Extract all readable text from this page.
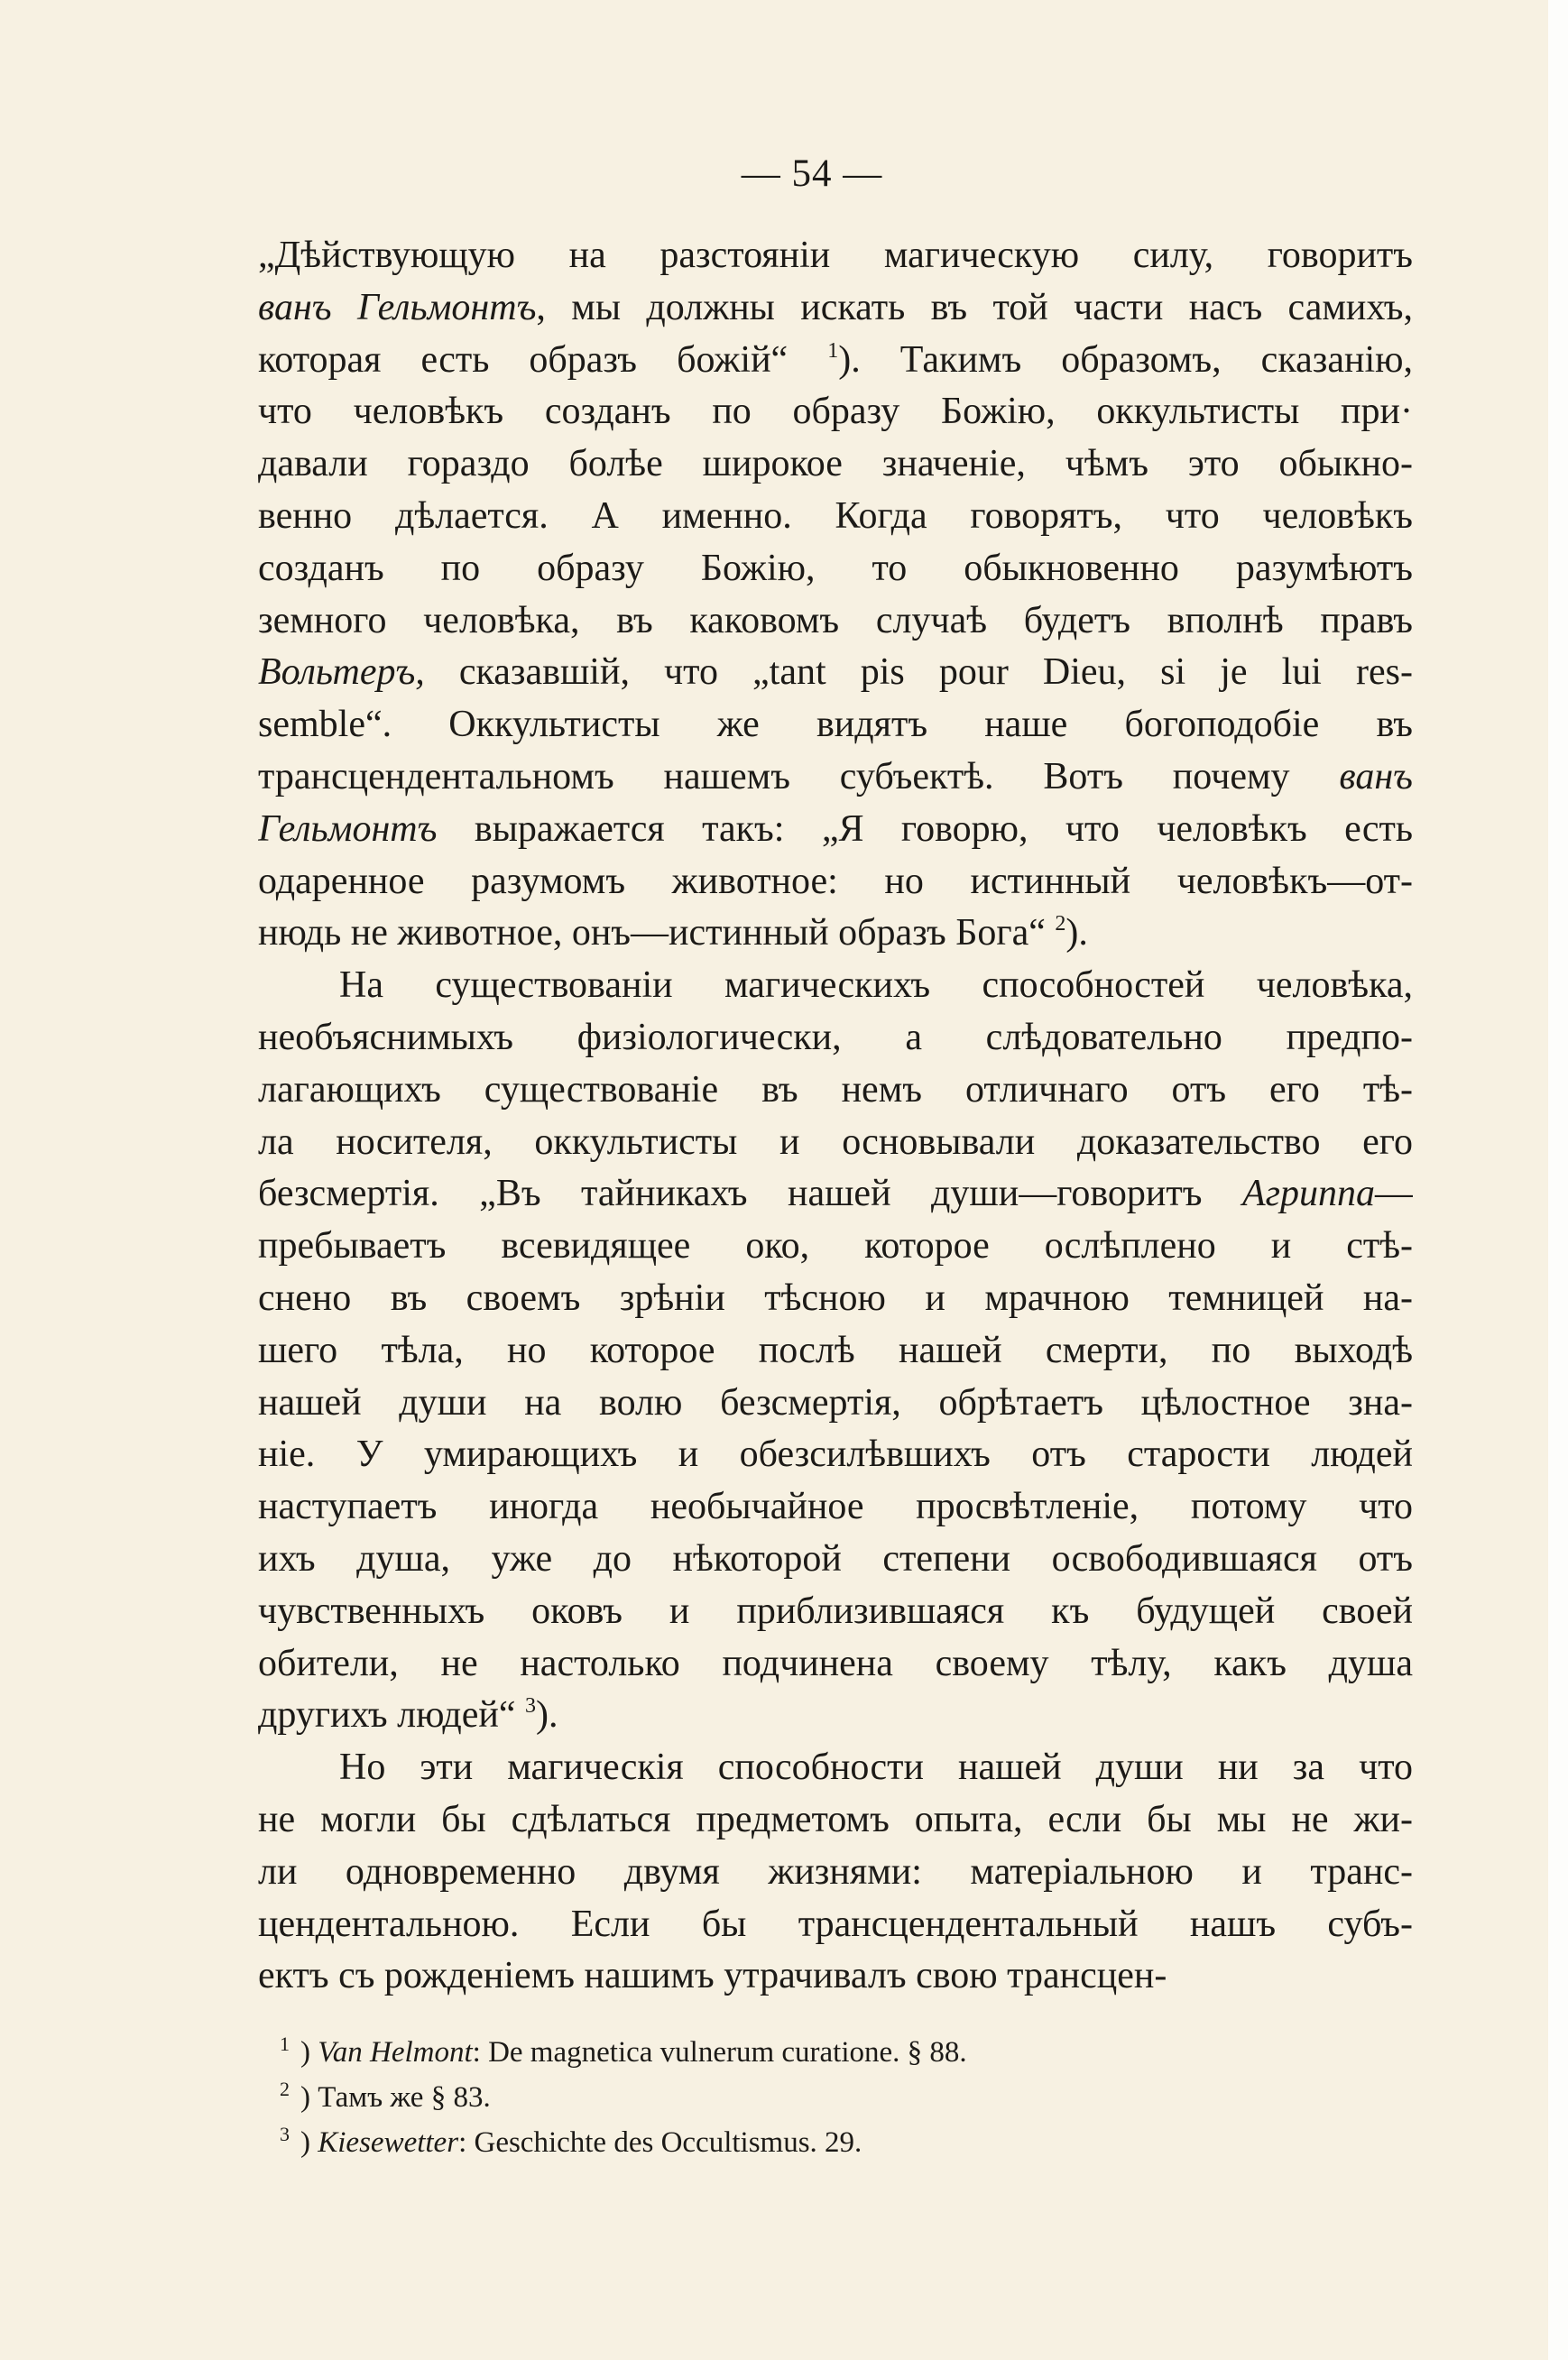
— 54 —
„Дѣйствующую на разстояніи магическую силу, говоритъ
ванъ Гельмонтъ, мы должны искать въ той части насъ самихъ,
которая есть образъ божій“ $^1$). Такимъ образомъ, сказанію,
что человѣкъ созданъ по образу Божію, оккультисты при·
давали гораздо болѣе широкое значеніе, чѣмъ это обыкно-
венно дѣлается. А именно. Когда говорятъ, что человѣкъ
созданъ по образу Божію, то обыкновенно разумѣютъ
земного человѣка, въ каковомъ случаѣ будетъ вполнѣ правъ
Вольтеръ, сказавшій, что „tant pis pour Dieu, si je lui res-
semble“. Оккультисты же видятъ наше богоподобіе въ
трансцендентальномъ нашемъ субъектѣ. Вотъ почему ванъ
Гельмонтъ выражается такъ: „Я говорю, что человѣкъ есть
одаренное разумомъ животное: но истинный человѣкъ—от-
нюдь не животное, онъ—истинный образъ Бога“ $^2$).
На существованіи магическихъ способностей человѣка,
необъяснимыхъ физіологически, а слѣдовательно предпо-
лагающихъ существованіе въ немъ отличнаго отъ его тѣ-
ла носителя, оккультисты и основывали доказательство его
безсмертія. „Въ тайникахъ нашей души—говоритъ Агриппа—
пребываетъ всевидящее око, которое ослѣплено и стѣ-
снено въ своемъ зрѣніи тѣсною и мрачною темницей на-
шего тѣла, но которое послѣ нашей смерти, по выходѣ
нашей души на волю безсмертія, обрѣтаетъ цѣлостное зна-
ніе. У умирающихъ и обезсилѣвшихъ отъ старости людей
наступаетъ иногда необычайное просвѣтленіе, потому что
ихъ душа, уже до нѣкоторой степени освободившаяся отъ
чувственныхъ оковъ и приблизившаяся къ будущей своей
обители, не настолько подчинена своему тѣлу, какъ душа
другихъ людей“ $^3$).
Но эти магическія способности нашей души ни за что
не могли бы сдѣлаться предметомъ опыта, если бы мы не жи-
ли одновременно двумя жизнями: матеріальною и транс-
цендентальною. Если бы трансцендентальный нашъ субъ-
ектъ съ рожденіемъ нашимъ утрачивалъ свою трансцен-
$^1$ ) Van Helmont: De magnetica vulnerum curatione. § 88.
$^2$ ) Тамъ же § 83.
$^3$ ) Kiesewetter: Geschichte des Occultismus. 29.
